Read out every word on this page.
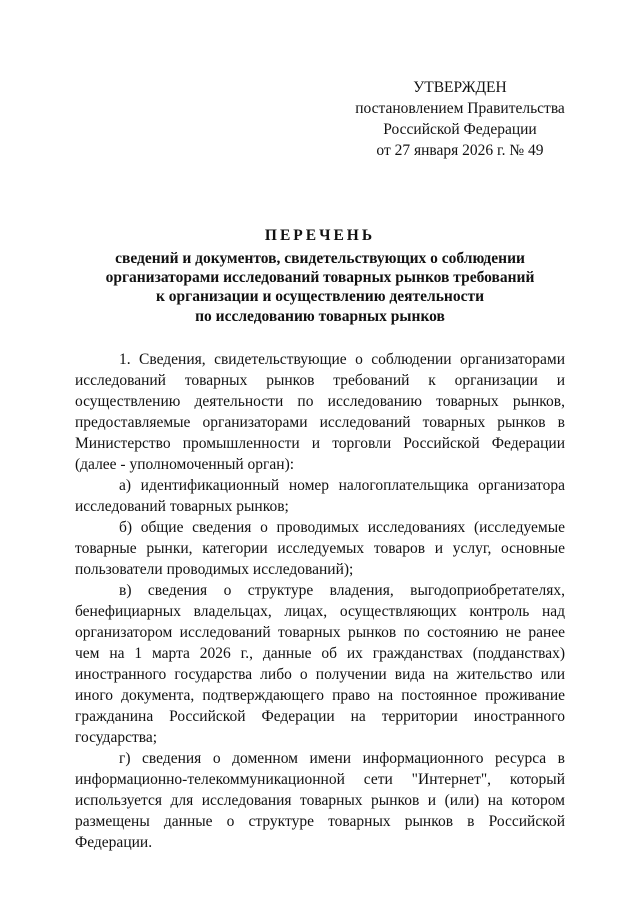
УТВЕРЖДЕН
постановлением Правительства
Российской Федерации
от 27 января 2026 г. № 49
ПЕРЕЧЕНЬ
сведений и документов, свидетельствующих о соблюдении
организаторами исследований товарных рынков требований
к организации и осуществлению деятельности
по исследованию товарных рынков

1. Сведения, свидетельствующие о соблюдении организаторами исследований товарных рынков требований к организации и осуществлению деятельности по исследованию товарных рынков, предоставляемые организаторами исследований товарных рынков в Министерство промышленности и торговли Российской Федерации (далее - уполномоченный орган):

а) идентификационный номер налогоплательщика организатора исследований товарных рынков;

б) общие сведения о проводимых исследованиях (исследуемые товарные рынки, категории исследуемых товаров и услуг, основные пользователи проводимых исследований);

в) сведения о структуре владения, выгодоприобретателях, бенефициарных владельцах, лицах, осуществляющих контроль над организатором исследований товарных рынков по состоянию не ранее чем на 1 марта 2026 г., данные об их гражданствах (подданствах) иностранного государства либо о получении вида на жительство или иного документа, подтверждающего право на постоянное проживание гражданина Российской Федерации на территории иностранного государства;

г) сведения о доменном имени информационного ресурса в информационно-телекоммуникационной сети "Интернет", который используется для исследования товарных рынков и (или) на котором размещены данные о структуре товарных рынков в Российской Федерации.
